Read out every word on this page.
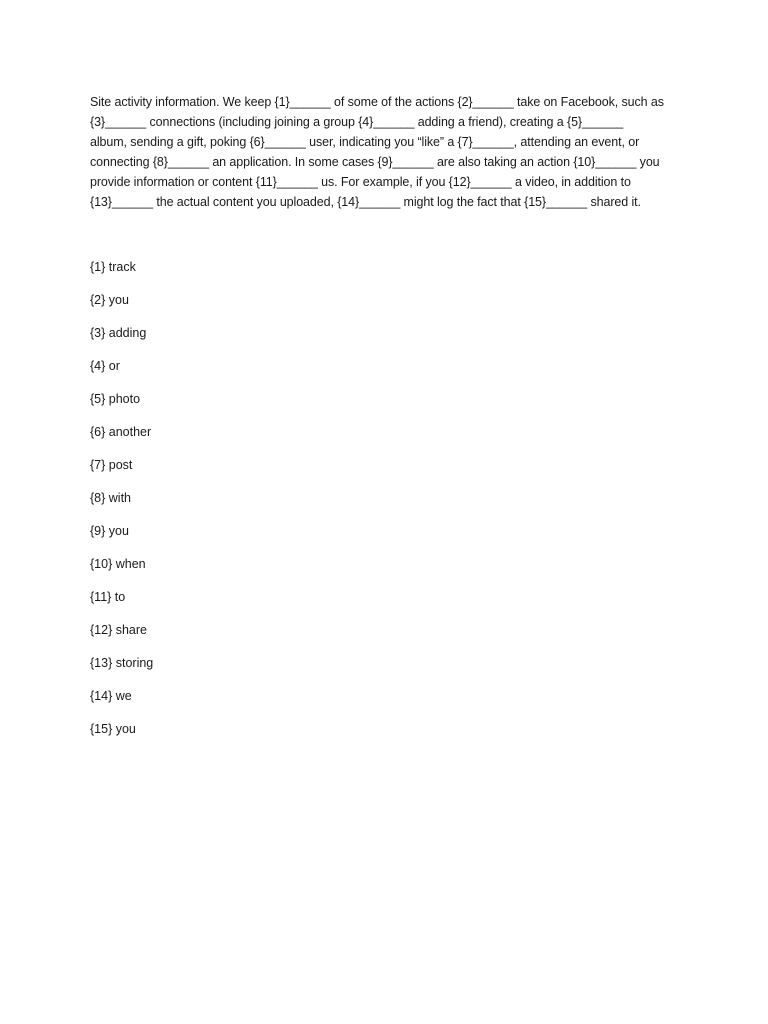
Site activity information. We keep {1}______ of some of the actions {2}______ take on Facebook, such as
{3}______ connections (including joining a group {4}______ adding a friend), creating a {5}______
album, sending a gift, poking {6}______ user, indicating you “like” a {7}______, attending an event, or
connecting {8}______ an application. In some cases {9}______ are also taking an action {10}______ you
provide information or content {11}______ us. For example, if you {12}______ a video, in addition to
{13}______ the actual content you uploaded, {14}______ might log the fact that {15}______ shared it.

{1} track
{2} you
{3} adding
{4} or
{5} photo
{6} another
{7} post
{8} with
{9} you
{10} when
{11} to
{12} share
{13} storing
{14} we
{15} you
